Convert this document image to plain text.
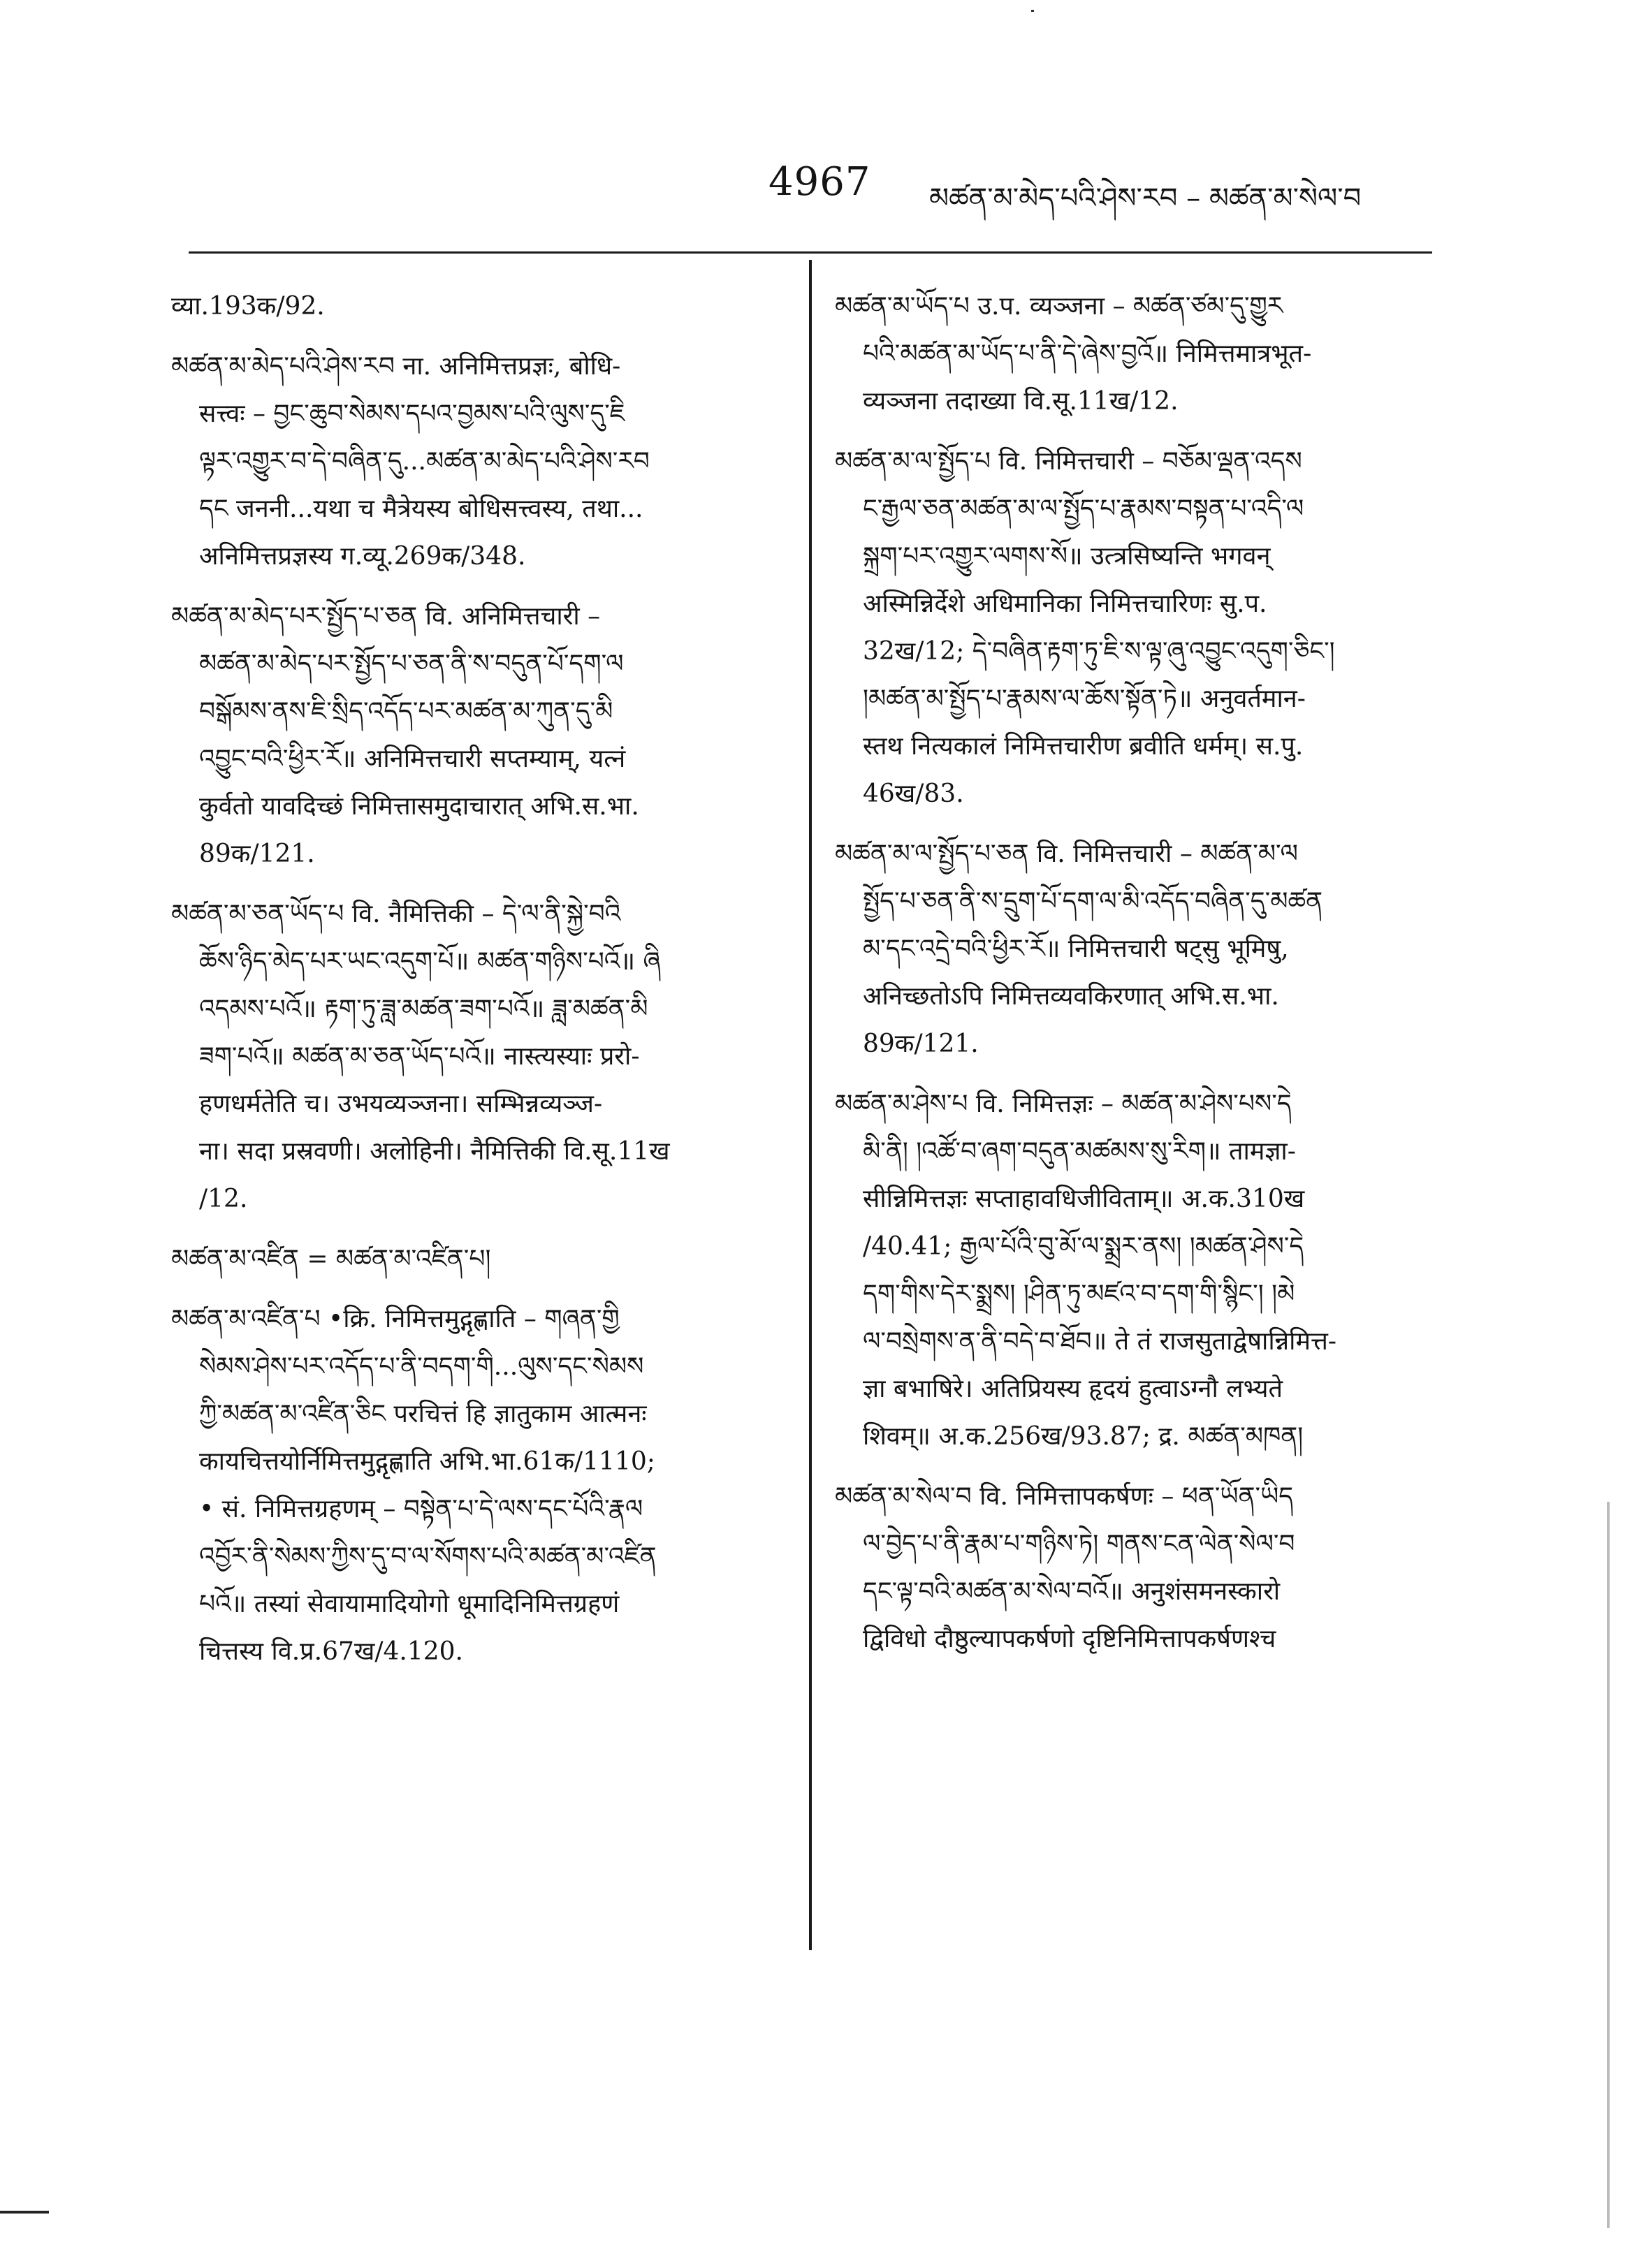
4967 མཚན་མ་མེད་པའི་ཤེས་རབ – མཚན་མ་སེལ་བ
व्या.193क/92.
མཚན་མ་མེད་པའི་ཤེས་རབ ना. अनिमित्तप्रज्ञः, बोधि-
सत्त्वः – བྱང་ཆུབ་སེམས་དཔའ་བྱམས་པའི་ལུས་དུ་ཇི
ལྟར་འགྱུར་བ་དེ་བཞིན་དུ...མཚན་མ་མེད་པའི་ཤེས་རབ
དང जननी...यथा च मैत्रेयस्य बोधिसत्त्वस्य, तथा...
अनिमित्तप्रज्ञस्य ग.व्यू.269क/348.
མཚན་མ་མེད་པར་སྤྱོད་པ་ཅན वि. अनिमित्तचारी –
མཚན་མ་མེད་པར་སྤྱོད་པ་ཅན་ནི་ས་བདུན་པོ་དག་ལ
བསྒོམས་ནས་ཇི་སྲིད་འདོད་པར་མཚན་མ་ཀུན་དུ་མི
འབྱུང་བའི་ཕྱིར་རོ॥ अनिमित्तचारी सप्तम्याम्, यत्नं
कुर्वतो यावदिच्छं निमित्तासमुदाचारात् अभि.स.भा.
89क/121.
མཚན་མ་ཅན་ཡོད་པ वि. नैमित्तिकी – དེ་ལ་ནི་སྐྱེ་བའི
ཆོས་ཉིད་མེད་པར་ཡང་འདུག་པོ॥ མཚན་གཉིས་པའོ॥ ཞི
འདམས་པའོ॥ རྟག་ཏུ་ཟླ་མཚན་ཟག་པའོ॥ ཟླ་མཚན་མི
ཟག་པའོ॥ མཚན་མ་ཅན་ཡོད་པའོ॥ नास्त्यस्याः प्ररो-
हणधर्मतेति च। उभयव्यञ्जना। सम्भिन्नव्यञ्ज-
ना। सदा प्रस्रवणी। अलोहिनी। नैमित्तिकी वि.सू.11ख
/12.
མཚན་མ་འཛིན = མཚན་མ་འཛིན་པ།
མཚན་མ་འཛིན་པ •क्रि. निमित्तमुद्गृह्णाति – གཞན་གྱི
སེམས་ཤེས་པར་འདོད་པ་ནི་བདག་གི...ལུས་དང་སེམས
ཀྱི་མཚན་མ་འཛིན་ཅིང परचित्तं हि ज्ञातुकाम आत्मनः
कायचित्तयोर्निमित्तमुद्गृह्णाति अभि.भा.61क/1110;
• सं. निमित्तग्रहणम् – བསྟེན་པ་དེ་ལས་དང་པོའི་རྣལ
འབྱོར་ནི་སེམས་ཀྱིས་དུ་བ་ལ་སོགས་པའི་མཚན་མ་འཛིན
པའོ॥ तस्यां सेवायामादियोगो धूमादिनिमित्तग्रहणं
चित्तस्य वि.प्र.67ख/4.120.
མཚན་མ་ཡོད་པ उ.प. व्यञ्जना – མཚན་ཙམ་དུ་གྱུར
པའི་མཚན་མ་ཡོད་པ་ནི་དེ་ཞེས་བྱའོ॥ निमित्तमात्रभूत-
व्यञ्जना तदाख्या वि.सू.11ख/12.
མཚན་མ་ལ་སྤྱོད་པ वि. निमित्तचारी – བཅོམ་ལྡན་འདས
ང་རྒྱལ་ཅན་མཚན་མ་ལ་སྤྱོད་པ་རྣམས་བསྟན་པ་འདི་ལ
སྐྲག་པར་འགྱུར་ལགས་སོ॥ उत्त्रसिष्यन्ति भगवन्
अस्मिन्निर्देशे अधिमानिका निमित्तचारिणः सु.प.
32ख/12; དེ་བཞིན་རྟག་ཏུ་ཇི་ས་ལྟ་ཞུ་འབྱུང་འདུག་ཅིང་།
།མཚན་མ་སྤྱོད་པ་རྣམས་ལ་ཆོས་སྟོན་ཏེ॥ अनुवर्तमान-
स्तथ नित्यकालं निमित्तचारीण ब्रवीति धर्मम्। स.पु.
46ख/83.
མཚན་མ་ལ་སྤྱོད་པ་ཅན वि. निमित्तचारी – མཚན་མ་ལ
སྤྱོད་པ་ཅན་ནི་ས་དྲུག་པོ་དག་ལ་མི་འདོད་བཞིན་དུ་མཚན
མ་དང་འདྲེ་བའི་ཕྱིར་རོ॥ निमित्तचारी षट्सु भूमिषु,
अनिच्छतोऽपि निमित्तव्यवकिरणात् अभि.स.भा.
89क/121.
མཚན་མ་ཤེས་པ वि. निमित्तज्ञः – མཚན་མ་ཤེས་པས་དེ
མི་ནི། །འཚོ་བ་ཞག་བདུན་མཚམས་སུ་རིག॥ तामज्ञा-
सीन्निमित्तज्ञः सप्ताहावधिजीविताम्॥ अ.क.310ख
/40.41; རྒྱལ་པོའི་བུ་མོ་ལ་སྨྲར་ནས། །མཚན་ཤེས་དེ
དག་གིས་དེར་སྨྲས། །ཤིན་ཏུ་མཛའ་བ་དག་གི་སྙིང་། །མེ
ལ་བསྲེགས་ན་ནི་བདེ་བ་ཐོབ॥ ते तं राजसुताद्वेषान्निमित्त-
ज्ञा बभाषिरे। अतिप्रियस्य हृदयं हुत्वाऽग्नौ लभ्यते
शिवम्॥ अ.क.256ख/93.87; द्र. མཚན་མཁན།
མཚན་མ་སེལ་བ वि. निमित्तापकर्षणः – ཕན་ཡོན་ཡིད
ལ་བྱེད་པ་ནི་རྣམ་པ་གཉིས་ཏེ། གནས་ངན་ལེན་སེལ་བ
དང་ལྟ་བའི་མཚན་མ་སེལ་བའོ॥ अनुशंसमनस्कारो
द्विविधो दौष्ठुल्यापकर्षणो दृष्टिनिमित्तापकर्षणश्च
